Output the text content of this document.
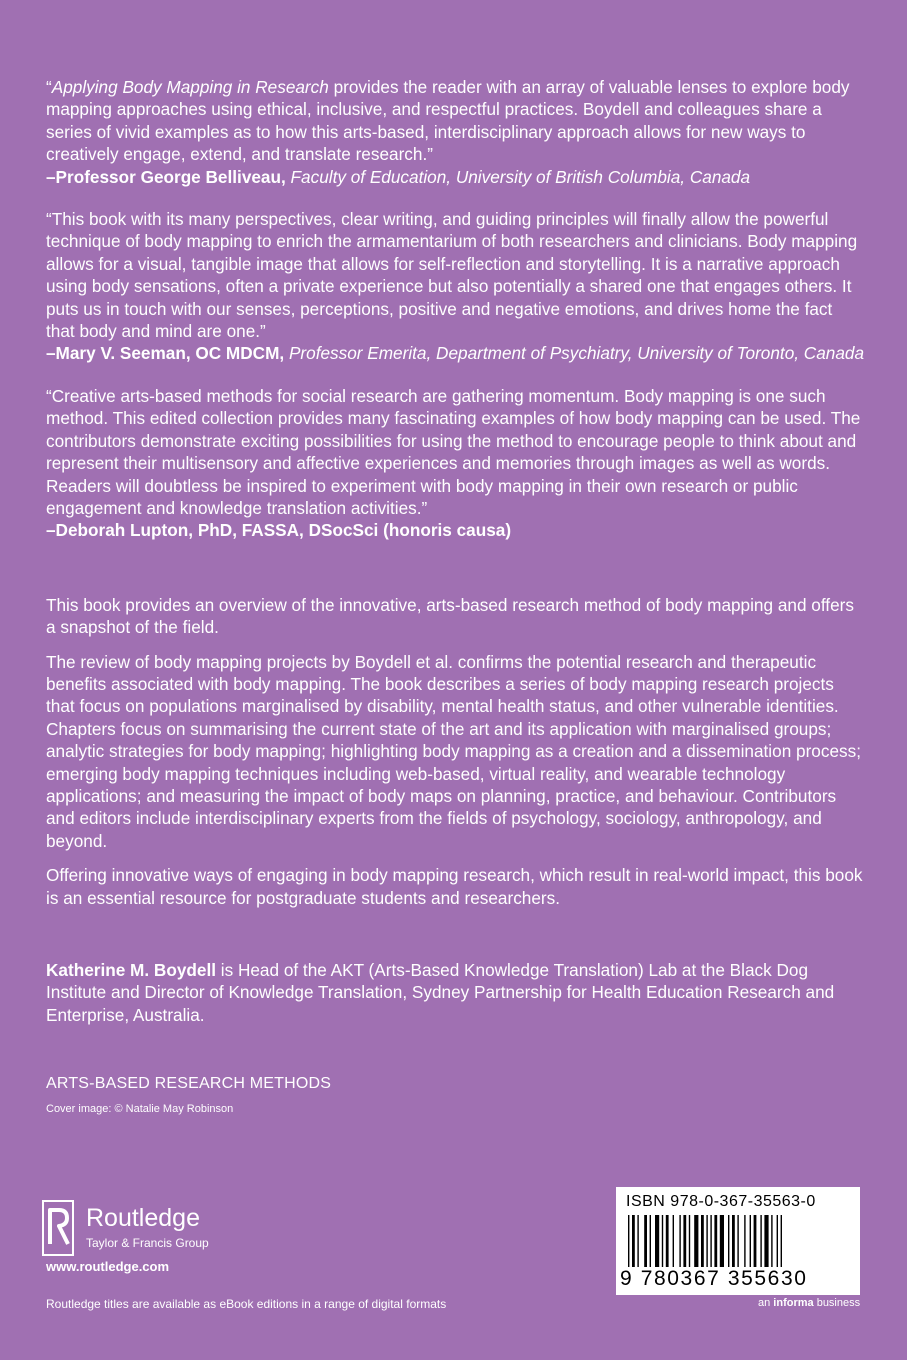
“Applying Body Mapping in Research provides the reader with an array of valuable lenses to explore body mapping approaches using ethical, inclusive, and respectful practices. Boydell and colleagues share a series of vivid examples as to how this arts-based, interdisciplinary approach allows for new ways to creatively engage, extend, and translate research.”

–Professor George Belliveau, Faculty of Education, University of British Columbia, Canada

“This book with its many perspectives, clear writing, and guiding principles will finally allow the powerful technique of body mapping to enrich the armamentarium of both researchers and clinicians. Body mapping allows for a visual, tangible image that allows for self-reflection and storytelling. It is a narrative approach using body sensations, often a private experience but also potentially a shared one that engages others. It puts us in touch with our senses, perceptions, positive and negative emotions, and drives home the fact that body and mind are one.”

–Mary V. Seeman, OC MDCM, Professor Emerita, Department of Psychiatry, University of Toronto, Canada

“Creative arts-based methods for social research are gathering momentum. Body mapping is one such method. This edited collection provides many fascinating examples of how body mapping can be used. The contributors demonstrate exciting possibilities for using the method to encourage people to think about and represent their multisensory and affective experiences and memories through images as well as words. Readers will doubtless be inspired to experiment with body mapping in their own research or public engagement and knowledge translation activities.”

–Deborah Lupton, PhD, FASSA, DSocSci (honoris causa)

This book provides an overview of the innovative, arts-based research method of body mapping and offers a snapshot of the field.

The review of body mapping projects by Boydell et al. confirms the potential research and therapeutic benefits associated with body mapping. The book describes a series of body mapping research projects that focus on populations marginalised by disability, mental health status, and other vulnerable identities. Chapters focus on summarising the current state of the art and its application with marginalised groups; analytic strategies for body mapping; highlighting body mapping as a creation and a dissemination process; emerging body mapping techniques including web-based, virtual reality, and wearable technology applications; and measuring the impact of body maps on planning, practice, and behaviour. Contributors and editors include interdisciplinary experts from the fields of psychology, sociology, anthropology, and beyond.

Offering innovative ways of engaging in body mapping research, which result in real-world impact, this book is an essential resource for postgraduate students and researchers.

Katherine M. Boydell is Head of the AKT (Arts-Based Knowledge Translation) Lab at the Black Dog Institute and Director of Knowledge Translation, Sydney Partnership for Health Education Research and Enterprise, Australia.

ARTS-BASED RESEARCH METHODS
Cover image: © Natalie May Robinson
Routledge
Taylor & Francis Group
www.routledge.com
Routledge titles are available as eBook editions in a range of digital formats
ISBN 978-0-367-35563-0
9 780367 355630
an informa business
